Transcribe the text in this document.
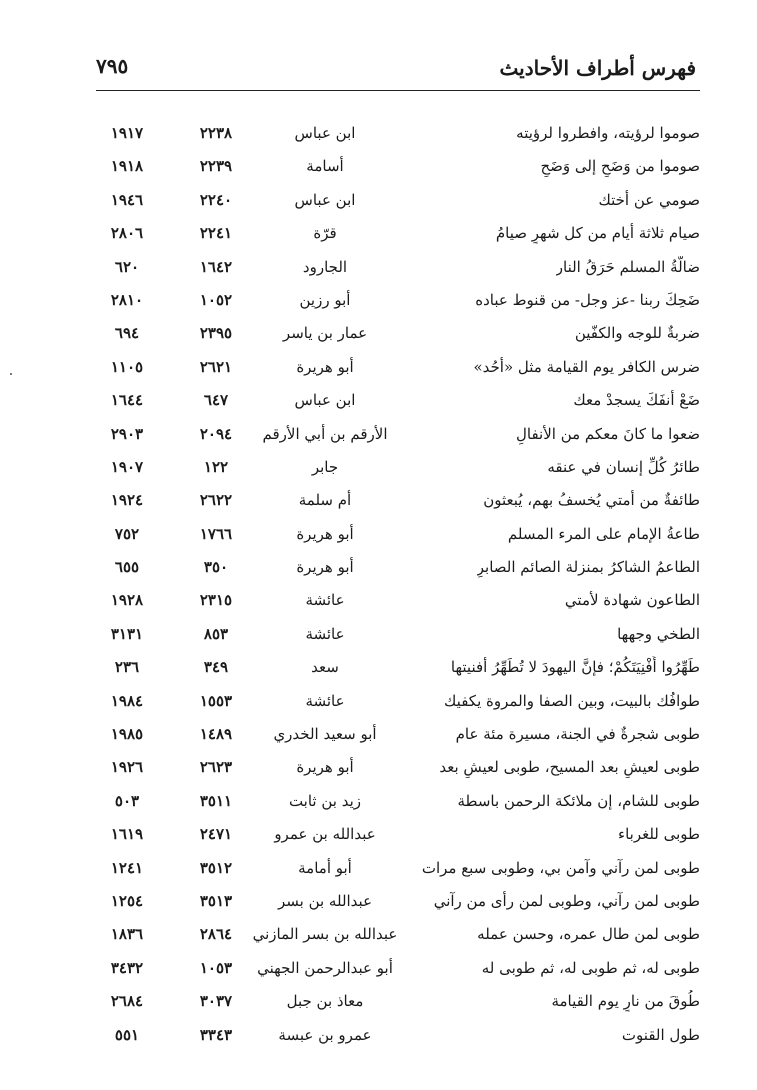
فهرس أطراف الأحاديث
٧٩٥
صوموا لرؤيته، وافطروا لرؤيته
ابن عباس
٢٢٣٨
١٩١٧
صوموا من وَضَحٍ إلى وَضَحٍ
أسامة
٢٢٣٩
١٩١٨
صومي عن أختك
ابن عباس
٢٢٤٠
١٩٤٦
صيام ثلاثة أيام من كل شهرٍ صيامُ
قرّة
٢٢٤١
٢٨٠٦
ضالَّةُ المسلم حَرَقُ النار
الجارود
١٦٤٢
٦٢٠
ضَحِكَ ربنا -عز وجل- من قنوط عباده
أبو رزين
١٠٥٢
٢٨١٠
ضربةٌ للوجه والكفّين
عمار بن ياسر
٢٣٩٥
٦٩٤
ضرس الكافر يوم القيامة مثل «أحُد»
أبو هريرة
٢٦٢١
١١٠٥
ضَعْ أنفَكَ يسجدْ معك
ابن عباس
٦٤٧
١٦٤٤
ضعوا ما كانَ معكم من الأنفالِ
الأرقم بن أبي الأرقم
٢٠٩٤
٢٩٠٣
طائرُ كُلِّ إنسان في عنقه
جابر
١٢٢
١٩٠٧
طائفةٌ من أمتي يُخسفُ بهم، يُبعثون
أم سلمة
٢٦٢٢
١٩٢٤
طاعةُ الإمام على المرء المسلم
أبو هريرة
١٧٦٦
٧٥٢
الطاعمُ الشاكرُ بمنزلة الصائم الصابرِ
أبو هريرة
٣٥٠
٦٥٥
الطاعون شهادة لأمتي
عائشة
٢٣١٥
١٩٢٨
الطخي وجهها
عائشة
٨٥٣
٣١٣١
طَهِّرُوا أَفْنِيَتَكُمْ؛ فإنَّ اليهودَ لا تُطَهِّرُ أفنيتها
سعد
٣٤٩
٢٣٦
طوافُك بالبيت، وبين الصفا والمروة يكفيك
عائشة
١٥٥٣
١٩٨٤
طوبى شجرةٌ في الجنة، مسيرة مئة عام
أبو سعيد الخدري
١٤٨٩
١٩٨٥
طوبى لعيشٍ بعد المسيح، طوبى لعيشٍ بعد
أبو هريرة
٢٦٢٣
١٩٢٦
طوبى للشام، إن ملائكة الرحمن باسطة
زيد بن ثابت
٣٥١١
٥٠٣
طوبى للغرباء
عبدالله بن عمرو
٢٤٧١
١٦١٩
طوبى لمن رآني وآمن بي، وطوبى سبع مرات
أبو أمامة
٣٥١٢
١٢٤١
طوبى لمن رآني، وطوبى لمن رأى من رآني
عبدالله بن بسر
٣٥١٣
١٢٥٤
طوبى لمن طال عمره، وحسن عمله
عبدالله بن بسر المازني
٢٨٦٤
١٨٣٦
طوبى له، ثم طوبى له، ثم طوبى له
أبو عبدالرحمن الجهني
١٠٥٣
٣٤٣٢
طُوقَ من نارٍ يوم القيامة
معاذ بن جبل
٣٠٣٧
٢٦٨٤
طول القنوت
عمرو بن عبسة
٣٣٤٣
٥٥١
